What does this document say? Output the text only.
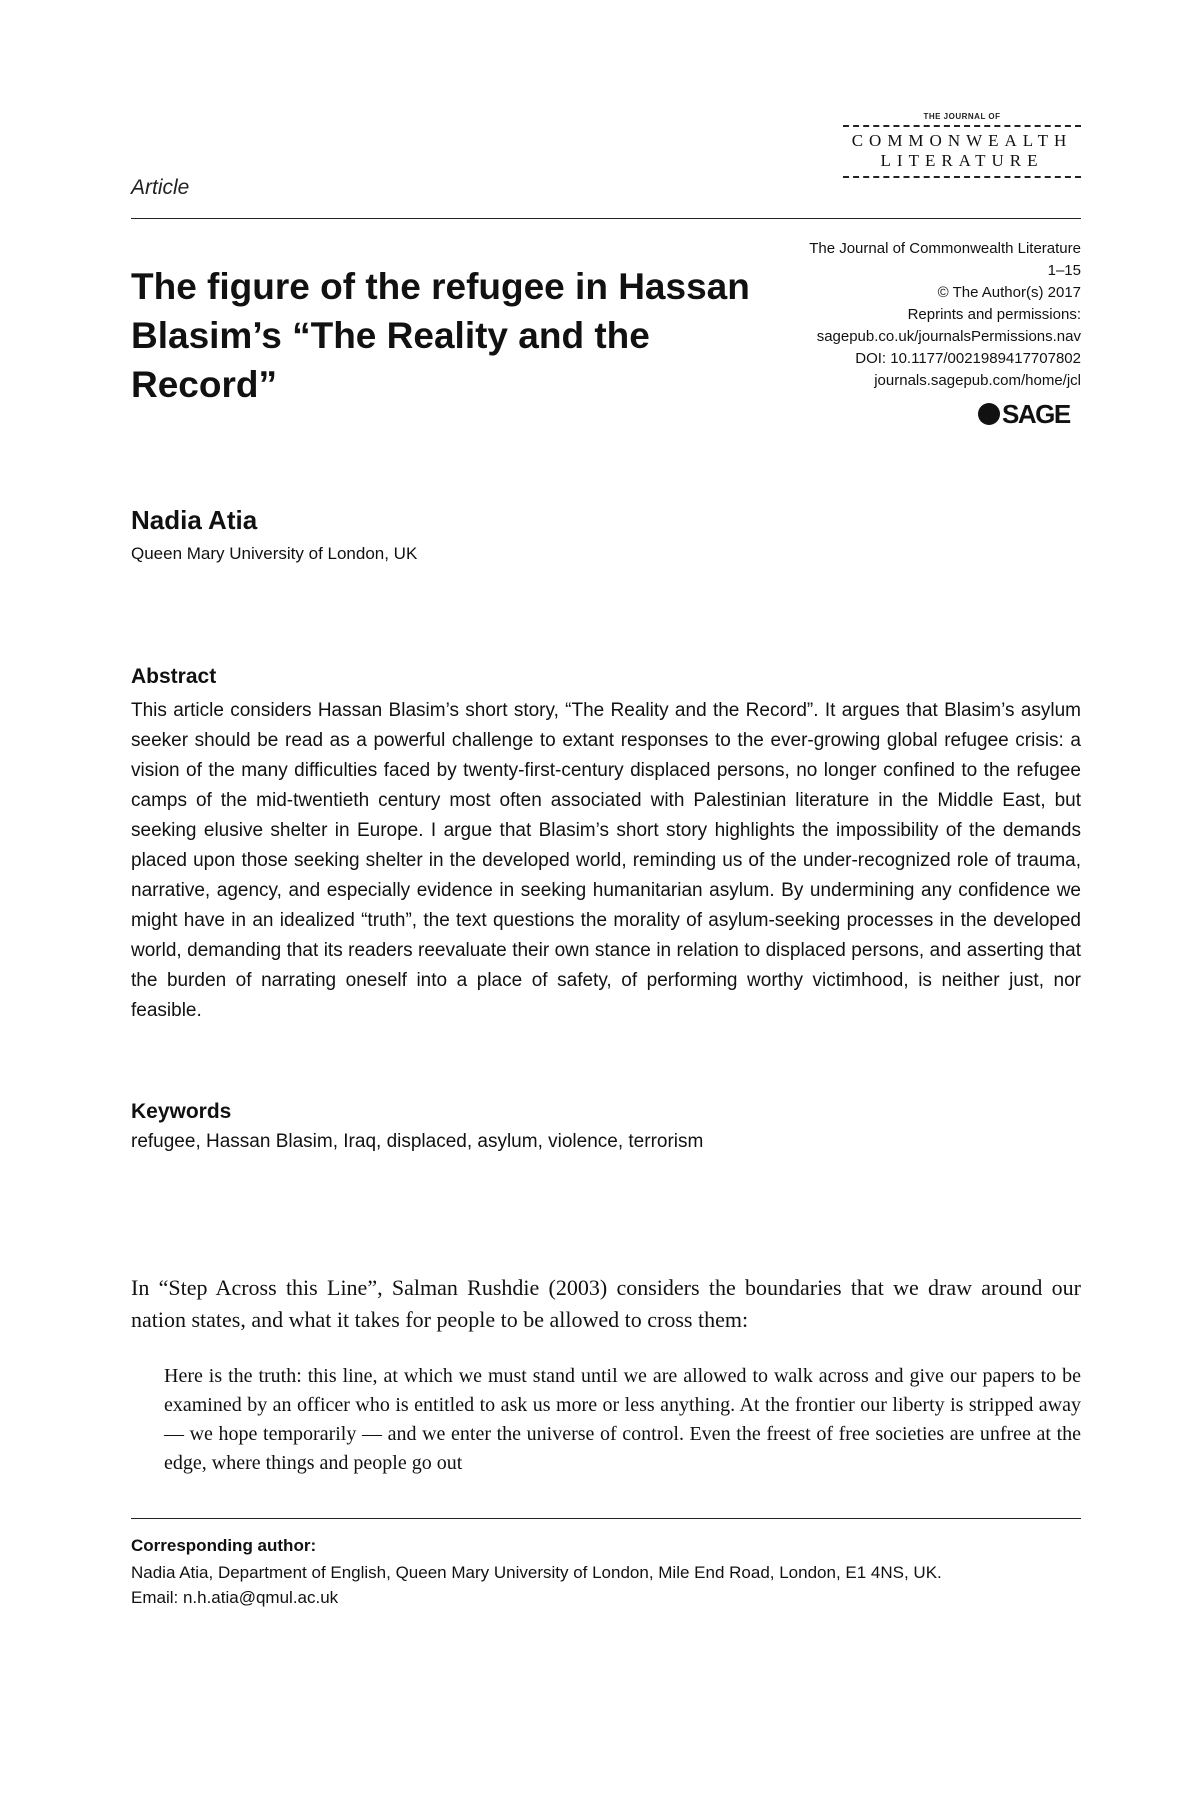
THE JOURNAL OF
COMMONWEALTH
LITERATURE
Article
The figure of the refugee in Hassan Blasim’s “The Reality and the Record”
The Journal of Commonwealth Literature
1–15
© The Author(s) 2017
Reprints and permissions:
sagepub.co.uk/journalsPermissions.nav
DOI: 10.1177/0021989417707802
journals.sagepub.com/home/jcl
SAGE
Nadia Atia
Queen Mary University of London, UK
Abstract

This article considers Hassan Blasim’s short story, “The Reality and the Record”. It argues that Blasim’s asylum seeker should be read as a powerful challenge to extant responses to the ever-growing global refugee crisis: a vision of the many difficulties faced by twenty-first-century displaced persons, no longer confined to the refugee camps of the mid-twentieth century most often associated with Palestinian literature in the Middle East, but seeking elusive shelter in Europe. I argue that Blasim’s short story highlights the impossibility of the demands placed upon those seeking shelter in the developed world, reminding us of the under-recognized role of trauma, narrative, agency, and especially evidence in seeking humanitarian asylum. By undermining any confidence we might have in an idealized “truth”, the text questions the morality of asylum-seeking processes in the developed world, demanding that its readers reevaluate their own stance in relation to displaced persons, and asserting that the burden of narrating oneself into a place of safety, of performing worthy victimhood, is neither just, nor feasible.

Keywords
refugee, Hassan Blasim, Iraq, displaced, asylum, violence, terrorism

In “Step Across this Line”, Salman Rushdie (2003) considers the boundaries that we draw around our nation states, and what it takes for people to be allowed to cross them:

Here is the truth: this line, at which we must stand until we are allowed to walk across and give our papers to be examined by an officer who is entitled to ask us more or less anything. At the frontier our liberty is stripped away — we hope temporarily — and we enter the universe of control. Even the freest of free societies are unfree at the edge, where things and people go out

Corresponding author:
Nadia Atia, Department of English, Queen Mary University of London, Mile End Road, London, E1 4NS, UK.
Email: n.h.atia@qmul.ac.uk
